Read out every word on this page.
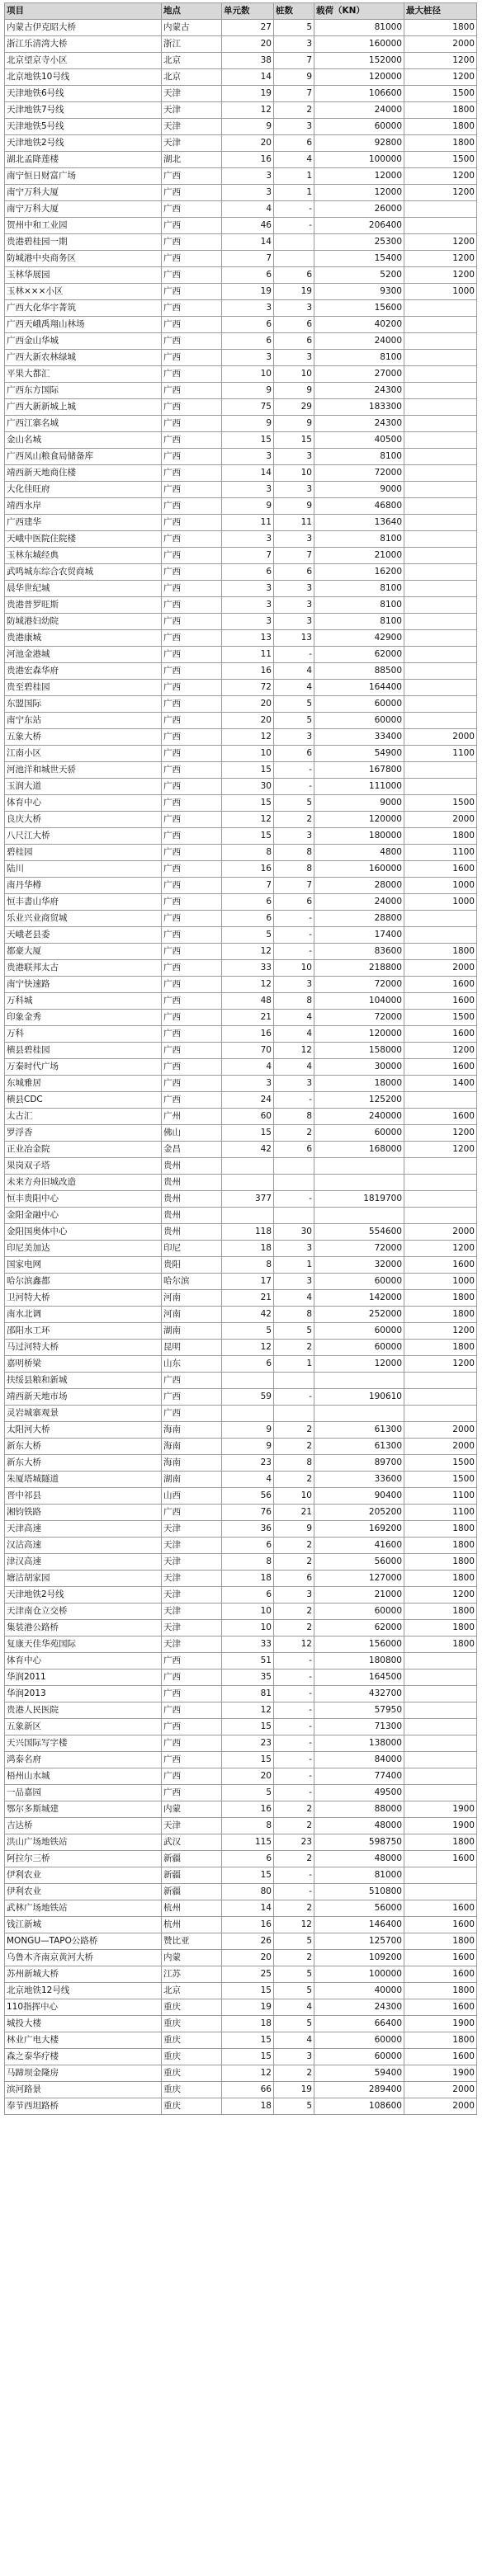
项目	地点	单元数	桩数	载荷（KN）	最大桩径
内蒙古伊克昭大桥	内蒙古	27	5	81000	1800
浙江乐清湾大桥	浙江	20	3	160000	2000
北京望京寺小区	北京	38	7	152000	1200
北京地铁10号线	北京	14	9	120000	1200
天津地铁6号线	天津	19	7	106600	1500
天津地铁7号线	天津	12	2	24000	1800
天津地铁5号线	天津	9	3	60000	1800
天津地铁2号线	天津	20	6	92800	1800
湖北孟降莲楼	湖北	16	4	100000	1500
南宁恒日财富广场	广西	3	1	12000	1200
南宁万科大厦	广西	3	1	12000	1200
南宁万科大厦	广西	4	-	26000	
贺州中和工业园	广西	46	-	206400	
贵港碧桂园一期	广西	14		25300	1200
防城港中央商务区	广西	7		15400	1200
玉林华展园	广西	6	6	5200	1200
玉林×××小区	广西	19	19	9300	1000
广西大化华宇菁筑	广西	3	3	15600	
广西天峨禹翔山林场	广西	6	6	40200	
广西金山华城	广西	6	6	24000	
广西大新农林绿城	广西	3	3	8100	
平果大都汇	广西	10	10	27000	
广西东方国际	广西	9	9	24300	
广西大新新城上城	广西	75	29	183300	
广西江寨名城	广西	9	9	24300	
金山名城	广西	15	15	40500	
广西凤山粮食局储备库	广西	3	3	8100	
靖西新天地商住楼	广西	14	10	72000	
大化佳旺府	广西	3	3	9000	
靖西水岸	广西	9	9	46800	
广西建华	广西	11	11	13640	
天峨中医院住院楼	广西	3	3	8100	
玉林东城经典	广西	7	7	21000	
武鸣城东综合农贸商城	广西	6	6	16200	
晨华世纪城	广西	3	3	8100	
贵港普罗旺斯	广西	3	3	8100	
防城港妇幼院	广西	3	3	8100	
贵港康城	广西	13	13	42900	
河池金港城	广西	11	-	62000	
贵港宏森华府	广西	16	4	88500	
贵至碧桂园	广西	72	4	164400	
东盟国际	广西	20	5	60000	
南宁东站	广西	20	5	60000	
五象大桥	广西	12	3	33400	2000
江南小区	广西	10	6	54900	1100
河池洋和城世天骄	广西	15	-	167800	
玉润大道	广西	30	-	111000	
体育中心	广西	15	5	9000	1500
良庆大桥	广西	12	2	120000	2000
八尺江大桥	广西	15	3	180000	1800
碧桂园	广西	8	8	4800	1100
陆川	广西	16	8	160000	1600
南丹华樽	广西	7	7	28000	1000
恒丰書山华府	广西	6	6	24000	1000
乐业兴业商贸城	广西	6	-	28800	
天峨老县委	广西	5	-	17400	
都豪大厦	广西	12	-	83600	1800
贵港联邦太古	广西	33	10	218800	2000
南宁快速路	广西	12	3	72000	1600
万科城	广西	48	8	104000	1600
印象金秀	广西	21	4	72000	1500
万科	广西	16	4	120000	1600
横县碧桂园	广西	70	12	158000	1200
万秦时代广场	广西	4	4	30000	1600
东城雅居	广西	3	3	18000	1400
横县CDC	广西	24	-	125200	
太古汇	广州	60	8	240000	1600
罗浮香	佛山	15	2	60000	1200
正业冶金院	金昌	42	6	168000	1200
果岗双子塔	贵州				
未来方舟旧城改造	贵州				
恒丰贵阳中心	贵州	377	-	1819700	
金阳金融中心	贵州				
金阳国奥体中心	贵州	118	30	554600	2000
印尼美加达	印尼	18	3	72000	1200
国家电网	贵阳	8	1	32000	1600
哈尔滨鑫都	哈尔滨	17	3	60000	1000
卫河特大桥	河南	21	4	142000	1800
南水北调	河南	42	8	252000	1800
邵阳水工环	湖南	5	5	60000	1200
马过河特大桥	昆明	12	2	60000	1800
嘉明桥梁	山东	6	1	12000	1200
扶绥县粮和新城	广西				
靖西新天地市场	广西	59	-	190610	
灵岩城寨观景	广西				
太阳河大桥	海南	9	2	61300	2000
新东大桥	海南	9	2	61300	2000
新东大桥	海南	23	8	89700	1500
朱厦塔城隧道	湖南	4	2	33600	1500
晋中祁县	山西	56	10	90400	1100
湘钧铁路	广西	76	21	205200	1100
天津高速	天津	36	9	169200	1800
汉沽高速	天津	6	2	41600	1800
津汉高速	天津	8	2	56000	1800
塘沽胡家园	天津	18	6	127000	1800
天津地铁2号线	天津	6	3	21000	1200
天津南仓立交桥	天津	10	2	60000	1800
集装港公路桥	天津	10	2	62000	1800
复康天佳华苑国际	天津	33	12	156000	1800
体育中心	广西	51	-	180800	
华润2011	广西	35	-	164500	
华润2013	广西	81	-	432700	
贵港人民医院	广西	12	-	57950	
五象新区	广西	15	-	71300	
天兴国际写字楼	广西	23	-	138000	
鸿泰名府	广西	15	-	84000	
梧州山水城	广西	20	-	77400	
一品嘉园	广西	5	-	49500	
鄂尔多斯城建	内蒙	16	2	88000	1900
吉达桥	天津	8	2	48000	1900
洪山广场地铁站	武汉	115	23	598750	1800
阿拉尔三桥	新疆	6	2	48000	1600
伊利农业	新疆	15	-	81000	
伊利农业	新疆	80	-	510800	
武林广场地铁站	杭州	14	2	56000	1600
钱江新城	杭州	16	12	146400	1600
MONGU—TAPO公路桥	赞比亚	26	5	125700	1800
乌鲁木齐南京黄河大桥	内蒙	20	2	109200	1600
苏州新城大桥	江苏	25	5	100000	1600
北京地铁12号线	北京	15	5	40000	1800
110指挥中心	重庆	19	4	24300	1600
城投大楼	重庆	18	5	66400	1900
林业广电大楼	重庆	15	4	60000	1800
森之泰华疗楼	重庆	15	3	60000	1600
马蹄坝金隆房	重庆	12	2	59400	1900
滨河路景	重庆	66	19	289400	2000
奉节西坦路桥	重庆	18	5	108600	2000
